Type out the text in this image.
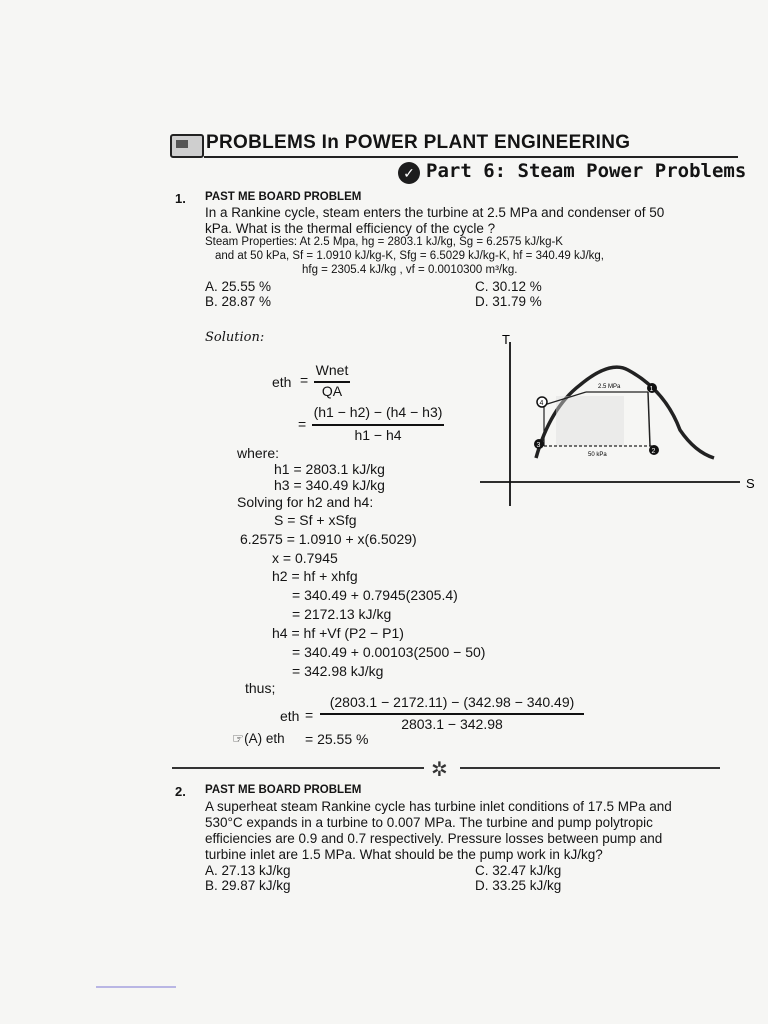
PROBLEMS In POWER PLANT ENGINEERING
✓ Part 6: Steam Power Problems
1. PAST ME BOARD PROBLEM
In a Rankine cycle, steam enters the turbine at 2.5 MPa and condenser of 50
kPa. What is the thermal efficiency of the cycle ?
Steam Properties: At 2.5 Mpa, hg = 2803.1 kJ/kg, Sg = 6.2575 kJ/kg-K
and at 50 kPa, Sf = 1.0910 kJ/kg-K, Sfg = 6.5029 kJ/kg-K, hf = 340.49 kJ/kg,
hfg = 2305.4 kJ/kg , vf = 0.0010300 m³/kg.
A. 25.55 %
B. 28.87 %
C. 30.12 %
D. 31.79 %
Solution:
eth =
Wnet
QA
=
(h1 − h2) − (h4 − h3)
h1 − h4
where:
h1 = 2803.1 kJ/kg
h3 = 340.49 kJ/kg
Solving for h2 and h4:
S = Sf + xSfg
6.2575 = 1.0910 + x(6.5029)
x = 0.7945
h2 = hf + xhfg
= 340.49 + 0.7945(2305.4)
= 2172.13 kJ/kg
h4 = hf +Vf (P2 − P1)
= 340.49 + 0.00103(2500 − 50)
= 342.98 kJ/kg
thus;
eth =
(2803.1 − 2172.11) − (342.98 − 340.49)
2803.1 − 342.98
☞(A) eth = 25.55 %
T
S
2.5 MPa
50 kPa
1
2
3
4
✲
2. PAST ME BOARD PROBLEM
A superheat steam Rankine cycle has turbine inlet conditions of 17.5 MPa and
530°C expands in a turbine to 0.007 MPa. The turbine and pump polytropic
efficiencies are 0.9 and 0.7 respectively. Pressure losses between pump and
turbine inlet are 1.5 MPa. What should be the pump work in kJ/kg?
A. 27.13 kJ/kg
B. 29.87 kJ/kg
C. 32.47 kJ/kg
D. 33.25 kJ/kg
